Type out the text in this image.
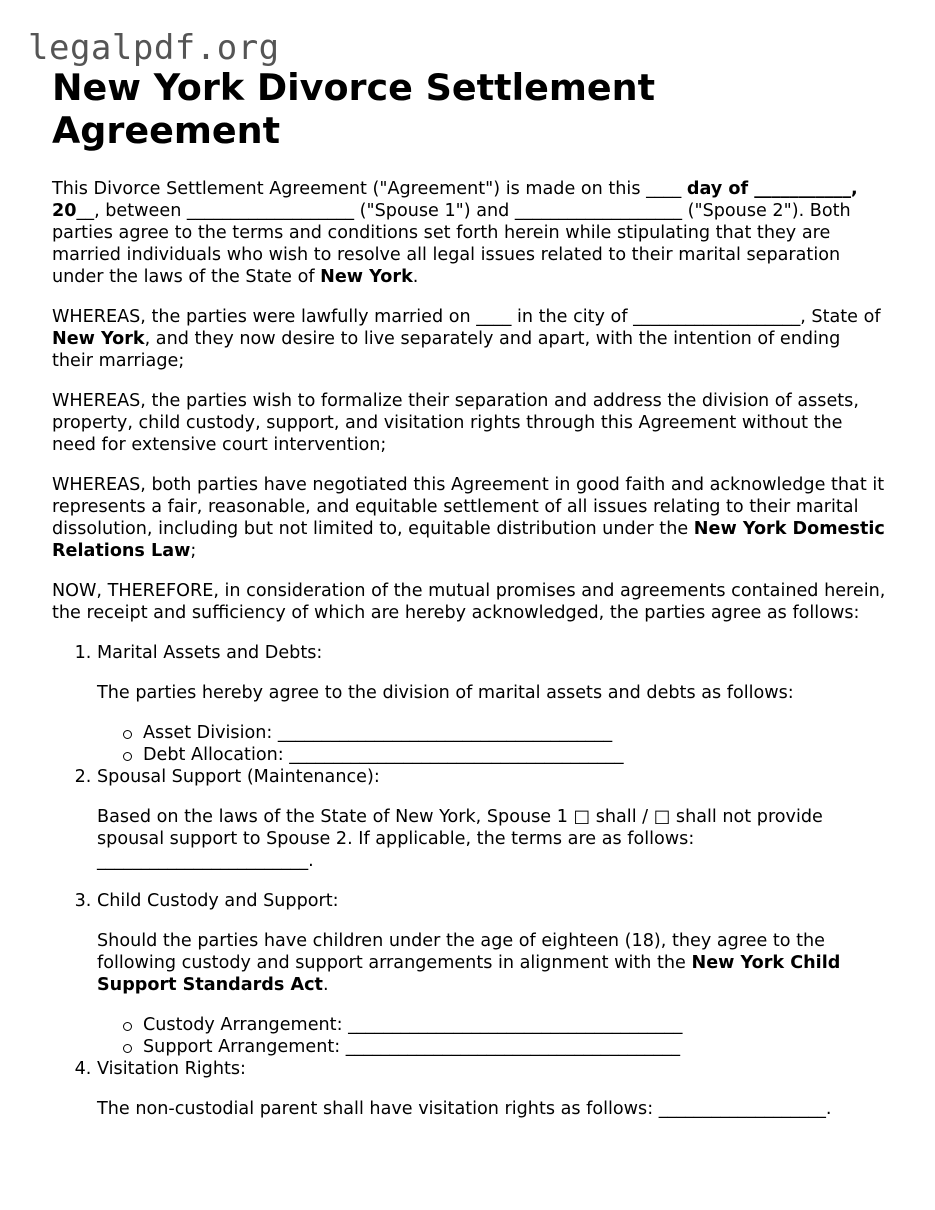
legalpdf.org
New York Divorce Settlement Agreement

This Divorce Settlement Agreement ("Agreement") is made on this ____ day of ___________, 20__, between ___________________ ("Spouse 1") and ___________________ ("Spouse 2"). Both parties agree to the terms and conditions set forth herein while stipulating that they are married individuals who wish to resolve all legal issues related to their marital separation under the laws of the State of New York.

WHEREAS, the parties were lawfully married on ____ in the city of ___________________, State of New York, and they now desire to live separately and apart, with the intention of ending their marriage;

WHEREAS, the parties wish to formalize their separation and address the division of assets, property, child custody, support, and visitation rights through this Agreement without the need for extensive court intervention;

WHEREAS, both parties have negotiated this Agreement in good faith and acknowledge that it represents a fair, reasonable, and equitable settlement of all issues relating to their marital dissolution, including but not limited to, equitable distribution under the New York Domestic Relations Law;

NOW, THEREFORE, in consideration of the mutual promises and agreements contained herein, the receipt and sufficiency of which are hereby acknowledged, the parties agree as follows:

1. Marital Assets and Debts:
The parties hereby agree to the division of marital assets and debts as follows:
Asset Division: ______________________________________
Debt Allocation: ______________________________________
2. Spousal Support (Maintenance):
Based on the laws of the State of New York, Spouse 1 □ shall / □ shall not provide spousal support to Spouse 2. If applicable, the terms are as follows: ________________________.
3. Child Custody and Support:
Should the parties have children under the age of eighteen (18), they agree to the following custody and support arrangements in alignment with the New York Child Support Standards Act.
Custody Arrangement: ______________________________________
Support Arrangement: ______________________________________
4. Visitation Rights:
The non-custodial parent shall have visitation rights as follows: ___________________.
